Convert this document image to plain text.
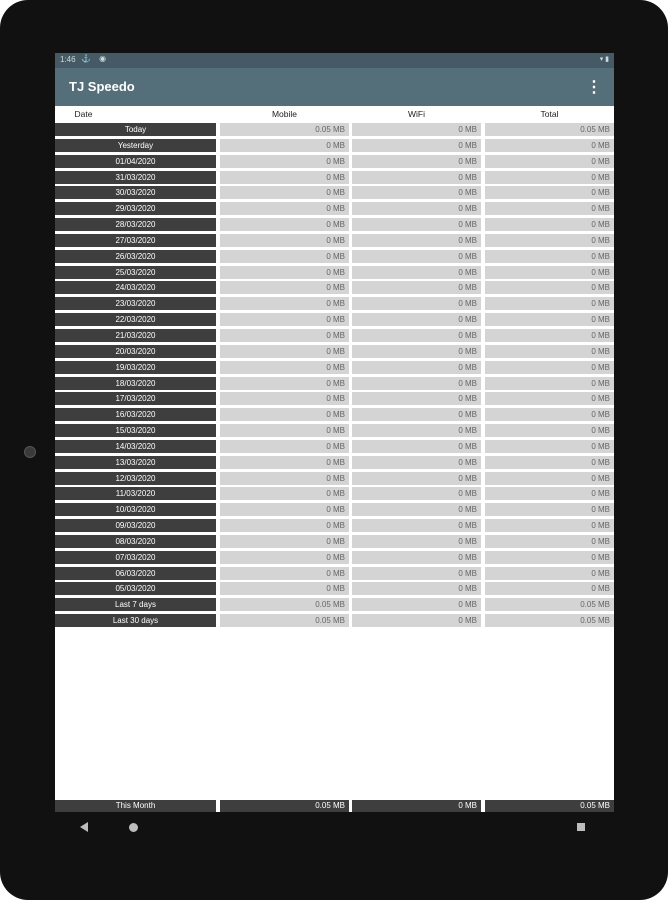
1:46 ⚓ ◉	▾ ▮
TJ Speedo	⋮
Date	Mobile	WiFi	Total
Today	0.05 MB	0 MB	0.05 MB
Yesterday	0 MB	0 MB	0 MB
01/04/2020	0 MB	0 MB	0 MB
31/03/2020	0 MB	0 MB	0 MB
30/03/2020	0 MB	0 MB	0 MB
29/03/2020	0 MB	0 MB	0 MB
28/03/2020	0 MB	0 MB	0 MB
27/03/2020	0 MB	0 MB	0 MB
26/03/2020	0 MB	0 MB	0 MB
25/03/2020	0 MB	0 MB	0 MB
24/03/2020	0 MB	0 MB	0 MB
23/03/2020	0 MB	0 MB	0 MB
22/03/2020	0 MB	0 MB	0 MB
21/03/2020	0 MB	0 MB	0 MB
20/03/2020	0 MB	0 MB	0 MB
19/03/2020	0 MB	0 MB	0 MB
18/03/2020	0 MB	0 MB	0 MB
17/03/2020	0 MB	0 MB	0 MB
16/03/2020	0 MB	0 MB	0 MB
15/03/2020	0 MB	0 MB	0 MB
14/03/2020	0 MB	0 MB	0 MB
13/03/2020	0 MB	0 MB	0 MB
12/03/2020	0 MB	0 MB	0 MB
11/03/2020	0 MB	0 MB	0 MB
10/03/2020	0 MB	0 MB	0 MB
09/03/2020	0 MB	0 MB	0 MB
08/03/2020	0 MB	0 MB	0 MB
07/03/2020	0 MB	0 MB	0 MB
06/03/2020	0 MB	0 MB	0 MB
05/03/2020	0 MB	0 MB	0 MB
Last 7 days	0.05 MB	0 MB	0.05 MB
Last 30 days	0.05 MB	0 MB	0.05 MB
This Month	0.05 MB	0 MB	0.05 MB
